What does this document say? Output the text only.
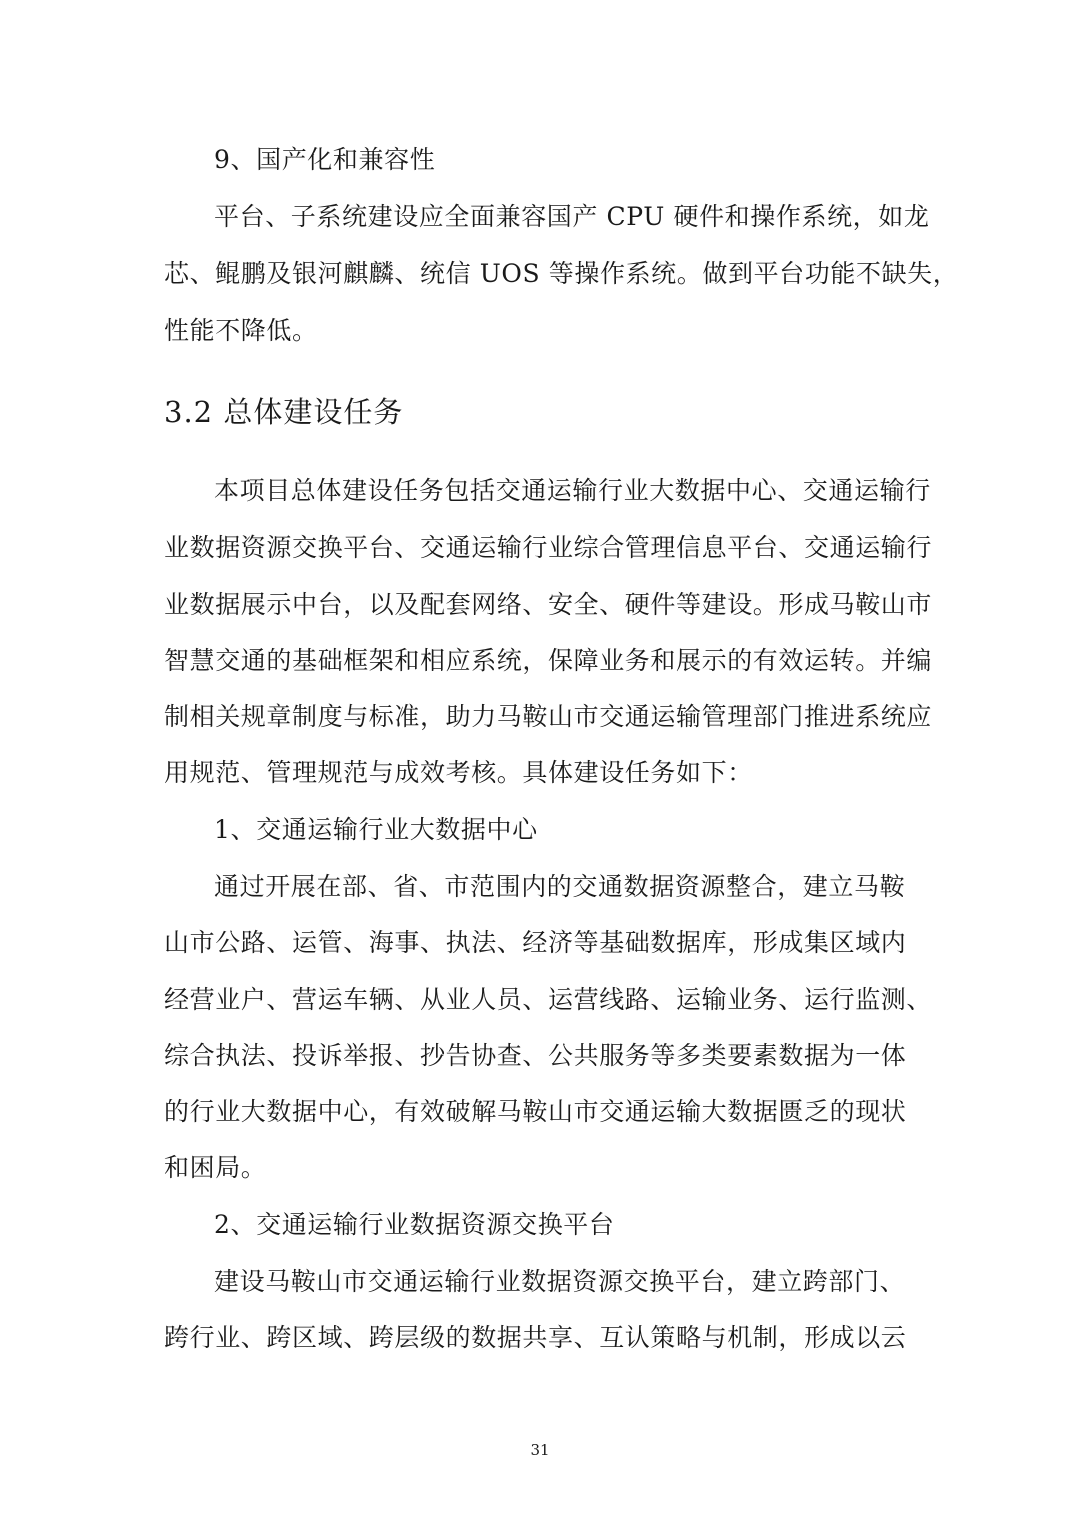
9、国产化和兼容性
平台、子系统建设应全面兼容国产 CPU 硬件和操作系统，如龙
芯、鲲鹏及银河麒麟、统信 UOS 等操作系统。做到平台功能不缺失，
性能不降低。
3.2 总体建设任务
本项目总体建设任务包括交通运输行业大数据中心、交通运输行
业数据资源交换平台、交通运输行业综合管理信息平台、交通运输行
业数据展示中台，以及配套网络、安全、硬件等建设。形成马鞍山市
智慧交通的基础框架和相应系统，保障业务和展示的有效运转。并编
制相关规章制度与标准，助力马鞍山市交通运输管理部门推进系统应
用规范、管理规范与成效考核。具体建设任务如下：
1、交通运输行业大数据中心
通过开展在部、省、市范围内的交通数据资源整合，建立马鞍
山市公路、运管、海事、执法、经济等基础数据库，形成集区域内
经营业户、营运车辆、从业人员、运营线路、运输业务、运行监测、
综合执法、投诉举报、抄告协查、公共服务等多类要素数据为一体
的行业大数据中心，有效破解马鞍山市交通运输大数据匮乏的现状
和困局。
2、交通运输行业数据资源交换平台
建设马鞍山市交通运输行业数据资源交换平台，建立跨部门、
跨行业、跨区域、跨层级的数据共享、互认策略与机制，形成以云
31
